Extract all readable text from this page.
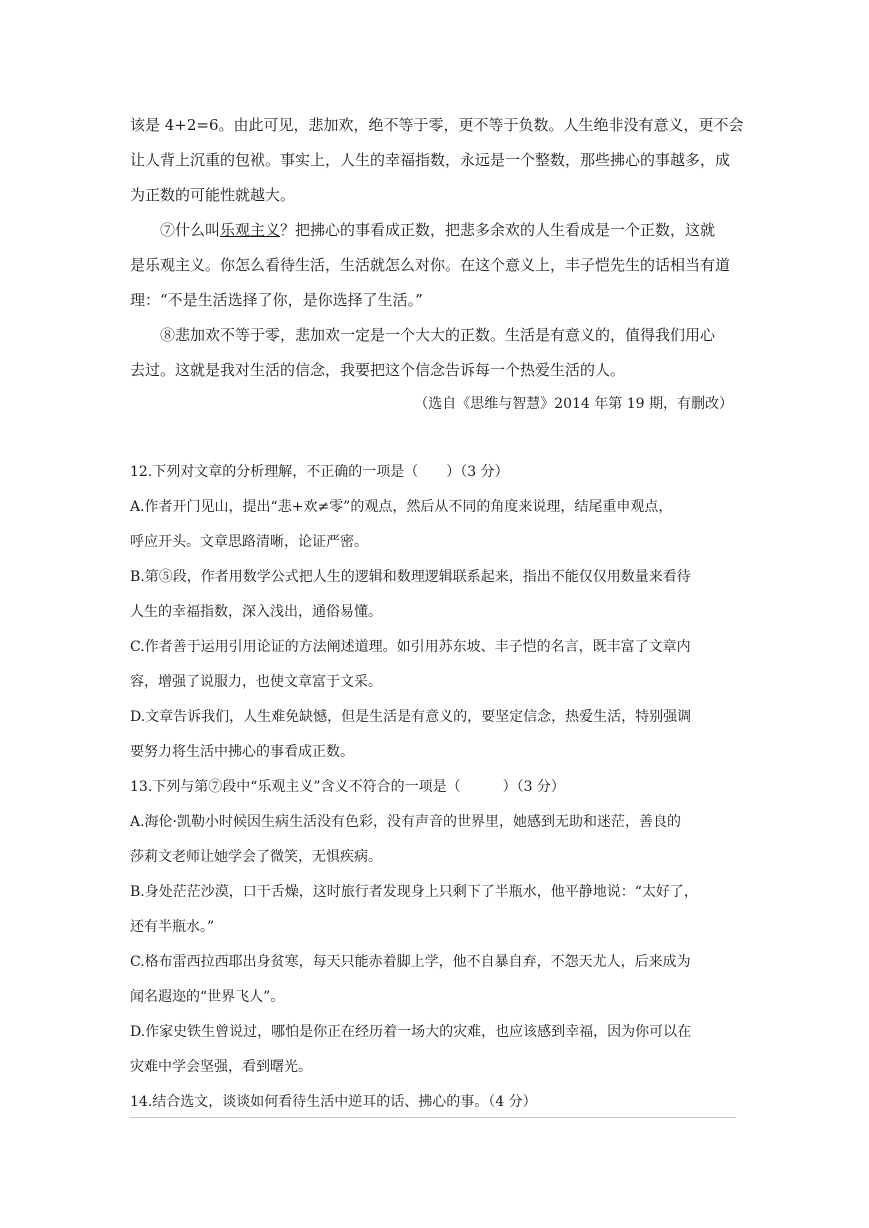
该是 4+2=6。由此可见，悲加欢，绝不等于零，更不等于负数。人生绝非没有意义，更不会
让人背上沉重的包袱。事实上，人生的幸福指数，永远是一个整数，那些拂心的事越多，成
为正数的可能性就越大。
⑦什么叫乐观主义？把拂心的事看成正数，把悲多余欢的人生看成是一个正数，这就
是乐观主义。你怎么看待生活，生活就怎么对你。在这个意义上，丰子恺先生的话相当有道
理：“不是生活选择了你，是你选择了生活。”
⑧悲加欢不等于零，悲加欢一定是一个大大的正数。生活是有意义的，值得我们用心
去过。这就是我对生活的信念，我要把这个信念告诉每一个热爱生活的人。
（选自《思维与智慧》2014 年第 19 期，有删改）
12.下列对文章的分析理解，不正确的一项是（　　）（3 分）
A.作者开门见山，提出“悲+欢≠零”的观点，然后从不同的角度来说理，结尾重申观点，
呼应开头。文章思路清晰，论证严密。
B.第⑤段，作者用数学公式把人生的逻辑和数理逻辑联系起来，指出不能仅仅用数量来看待
人生的幸福指数，深入浅出，通俗易懂。
C.作者善于运用引用论证的方法阐述道理。如引用苏东坡、丰子恺的名言，既丰富了文章内
容，增强了说服力，也使文章富于文采。
D.文章告诉我们，人生难免缺憾，但是生活是有意义的，要坚定信念，热爱生活，特别强调
要努力将生活中拂心的事看成正数。
13.下列与第⑦段中“乐观主义”含义不符合的一项是（　　　）（3 分）
A.海伦·凯勒小时候因生病生活没有色彩，没有声音的世界里，她感到无助和迷茫，善良的
莎莉文老师让她学会了微笑，无惧疾病。
B.身处茫茫沙漠，口干舌燥，这时旅行者发现身上只剩下了半瓶水，他平静地说：“太好了，
还有半瓶水。”
C.格布雷西拉西耶出身贫寒，每天只能赤着脚上学，他不自暴自弃，不怨天尤人，后来成为
闻名遐迩的“世界飞人”。
D.作家史铁生曾说过，哪怕是你正在经历着一场大的灾难，也应该感到幸福，因为你可以在
灾难中学会坚强，看到曙光。
14.结合选文，谈谈如何看待生活中逆耳的话、拂心的事。（4 分）
